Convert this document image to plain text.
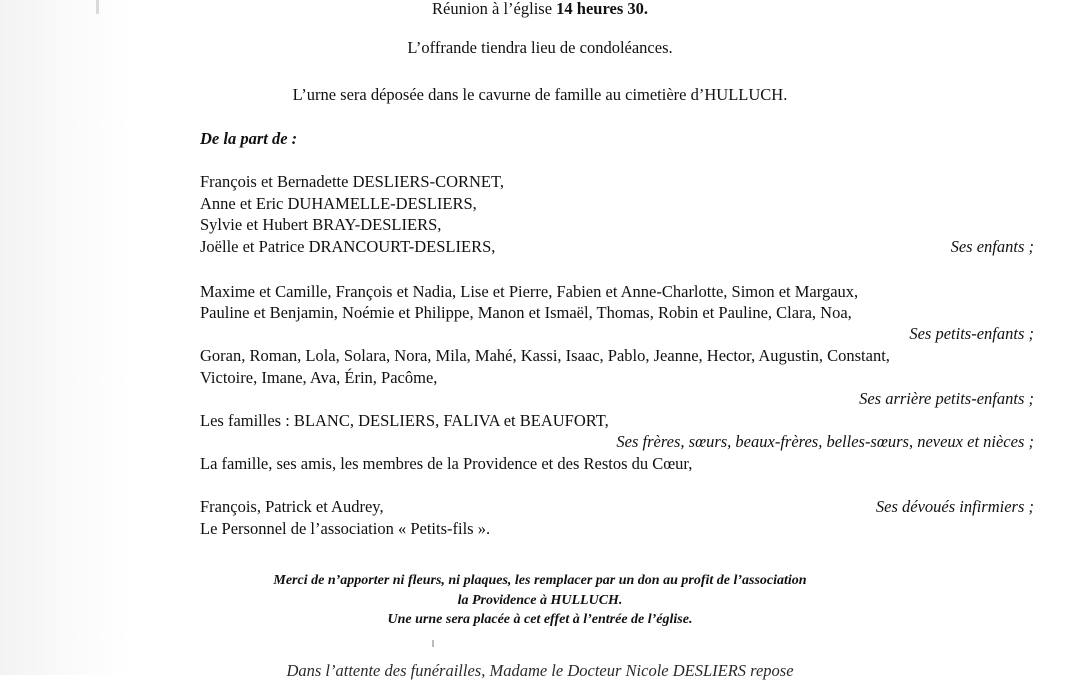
Réunion à l’église 14 heures 30.
L’offrande tiendra lieu de condoléances.
L’urne sera déposée dans le cavurne de famille au cimetière d’HULLUCH.
De la part de :
François et Bernadette DESLIERS-CORNET,
Anne et Eric DUHAMELLE-DESLIERS,
Sylvie et Hubert BRAY-DESLIERS,
Joëlle et Patrice DRANCOURT-DESLIERS,	Ses enfants ;
Maxime et Camille, François et Nadia, Lise et Pierre, Fabien et Anne-Charlotte, Simon et Margaux,
Pauline et Benjamin, Noémie et Philippe, Manon et Ismaël, Thomas, Robin et Pauline, Clara, Noa,
Ses petits-enfants ;
Goran, Roman, Lola, Solara, Nora, Mila, Mahé, Kassi, Isaac, Pablo, Jeanne, Hector, Augustin, Constant,
Victoire, Imane, Ava, Érin, Pacôme,
Ses arrière petits-enfants ;
Les familles : BLANC, DESLIERS, FALIVA et BEAUFORT,
Ses frères, sœurs, beaux-frères, belles-sœurs, neveux et nièces ;
La famille, ses amis, les membres de la Providence et des Restos du Cœur,
François, Patrick et Audrey,	Ses dévoués infirmiers ;
Le Personnel de l’association « Petits-fils ».
Merci de n’apporter ni fleurs, ni plaques, les remplacer par un don au profit de l’association
la Providence à HULLUCH.
Une urne sera placée à cet effet à l’entrée de l’église.
Dans l’attente des funérailles, Madame le Docteur Nicole DESLIERS repose
